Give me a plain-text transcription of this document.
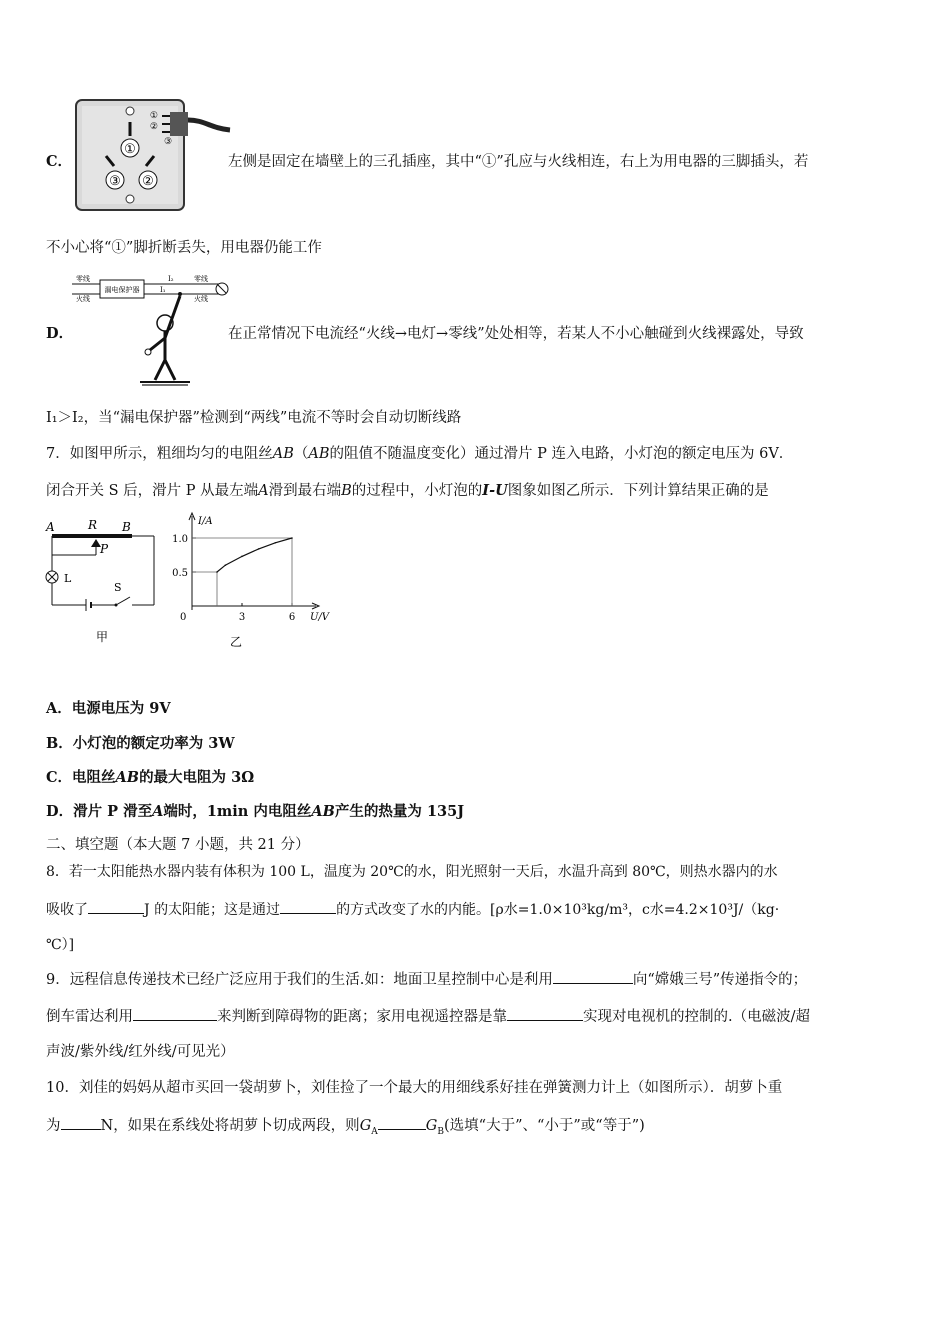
①
③ ②
①
②
③
C．	左侧是固定在墙壁上的三孔插座，其中“①”孔应与火线相连，右上为用电器的三脚插头，若
不小心将“①”脚折断丢失，用电器仍能工作
零线
火线
漏电保护器
I₂
I₁
零线
火线
D．	在正常情况下电流经“火线→电灯→零线”处处相等，若某人不小心触碰到火线裸露处，导致
I₁＞I₂，当“漏电保护器”检测到“两线”电流不等时会自动切断线路
7．如图甲所示，粗细均匀的电阻丝AB（AB的阻值不随温度变化）通过滑片 P 连入电路，小灯泡的额定电压为 6V．
闭合开关 S 后，滑片 P 从最左端A滑到最右端B的过程中，小灯泡的I-U图象如图乙所示．下列计算结果正确的是
A	R B
P
L
S
甲
I/A
U/V
0
0.5
1.0
3	6
乙
A．电源电压为 9V
B．小灯泡的额定功率为 3W
C．电阻丝AB的最大电阻为 3Ω
D．滑片 P 滑至A端时，1min 内电阻丝AB产生的热量为 135J
二、填空题（本大题 7 小题，共 21 分）
8．若一太阳能热水器内装有体积为 100 L，温度为 20℃的水，阳光照射一天后，水温升高到 80℃，则热水器内的水
吸收了	J 的太阳能；这是通过	的方式改变了水的内能。[ρ水=1.0×10³kg/m³，c水=4.2×10³J/（kg·
℃）]
9．远程信息传递技术已经广泛应用于我们的生活.如：地面卫星控制中心是利用	向“嫦娥三号”传递指令的；
倒车雷达利用	来判断到障碍物的距离；家用电视遥控器是靠	实现对电视机的控制的.（电磁波/超
声波/紫外线/红外线/可见光）
10．刘佳的妈妈从超市买回一袋胡萝卜，刘佳捡了一个最大的用细线系好挂在弹簧测力计上（如图所示）．胡萝卜重
为	N，如果在系线处将胡萝卜切成两段，则$G_A$	$G_B$(选填“大于”、“小于”或“等于”)
